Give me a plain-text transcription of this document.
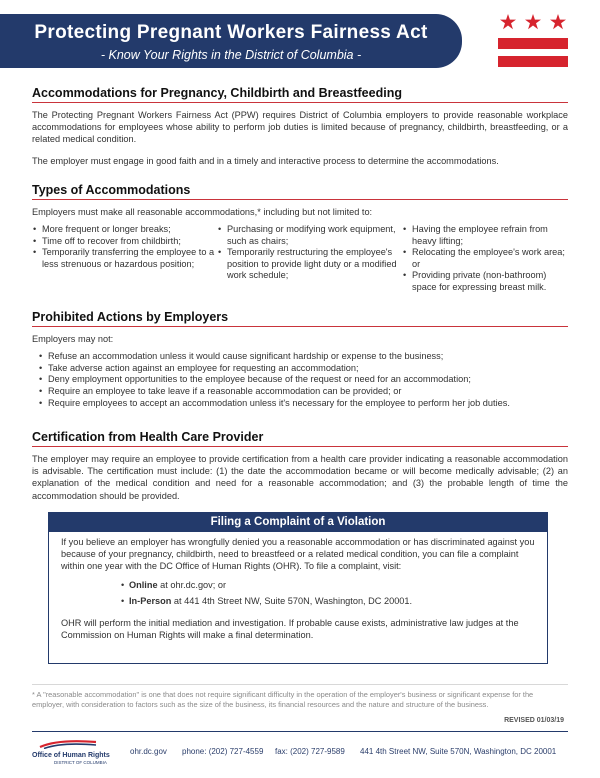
Protecting Pregnant Workers Fairness Act
- Know Your Rights in the District of Columbia -
Accommodations for Pregnancy, Childbirth and Breastfeeding

The Protecting Pregnant Workers Fairness Act (PPW) requires District of Columbia employers to provide reasonable workplace accommodations for employees whose ability to perform job duties is limited because of pregnancy, childbirth, breastfeeding, or a related medical condition.

The employer must engage in good faith and in a timely and interactive process to determine the accommodations.

Types of Accommodations

Employers must make all reasonable accommodations,* including but not limited to:

• More frequent or longer breaks;
• Time off to recover from childbirth;
• Temporarily transferring the employee to a less strenuous or hazardous position;
• Purchasing or modifying work equipment, such as chairs;
• Temporarily restructuring the employee's position to provide light duty or a modified work schedule;
• Having the employee refrain from heavy lifting;
• Relocating the employee's work area; or
• Providing private (non-bathroom) space for expressing breast milk.
Prohibited Actions by Employers

Employers may not:

• Refuse an accommodation unless it would cause significant hardship or expense to the business;
• Take adverse action against an employee for requesting an accommodation;
• Deny employment opportunities to the employee because of the request or need for an accommodation;
• Require an employee to take leave if a reasonable accommodation can be provided; or
• Require employees to accept an accommodation unless it's necessary for the employee to perform her job duties.
Certification from Health Care Provider

The employer may require an employee to provide certification from a health care provider indicating a reasonable accommodation is advisable. The certification must include: (1) the date the accommodation became or will become medically advisable; (2) an explanation of the medical condition and need for a reasonable accommodation; and (3) the probable length of time the accommodation should be provided.

Filing a Complaint of a Violation
If you believe an employer has wrongfully denied you a reasonable accommodation or has discriminated against you because of your pregnancy, childbirth, need to breastfeed or a related medical condition, you can file a complaint within one year with the DC Office of Human Rights (OHR). To file a complaint, visit:
• Online at ohr.dc.gov; or
• In-Person at 441 4th Street NW, Suite 570N, Washington, DC 20001.
OHR will perform the initial mediation and investigation. If probable cause exists, administrative law judges at the Commission on Human Rights will make a final determination.
* A "reasonable accommodation" is one that does not require significant difficulty in the operation of the employer's business or significant expense for the employer, with consideration to factors such as the size of the business, its financial resources and the nature and structure of the business.
REVISED 01/03/19
Office of Human Rights
DISTRICT OF COLUMBIA
ohr.dc.gov phone: (202) 727-4559 fax: (202) 727-9589 441 4th Street NW, Suite 570N, Washington, DC 20001
